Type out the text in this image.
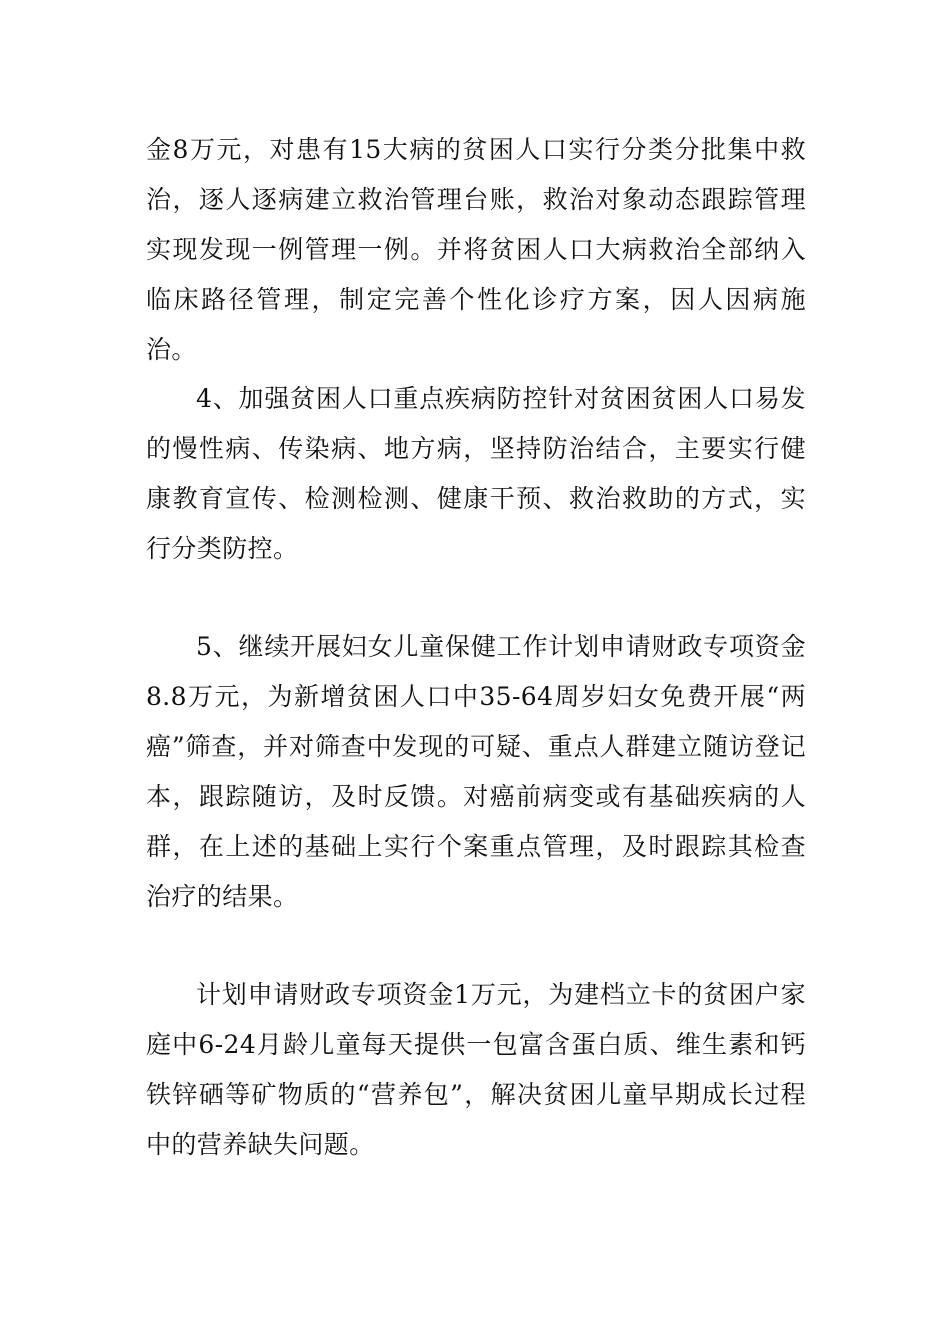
金8万元，对患有15大病的贫困人口实行分类分批集中救治，逐人逐病建立救治管理台账，救治对象动态跟踪管理实现发现一例管理一例。并将贫困人口大病救治全部纳入临床路径管理，制定完善个性化诊疗方案，因人因病施治。

4、加强贫困人口重点疾病防控针对贫困贫困人口易发的慢性病、传染病、地方病，坚持防治结合，主要实行健康教育宣传、检测检测、健康干预、救治救助的方式，实行分类防控。

5、继续开展妇女儿童保健工作计划申请财政专项资金8.8万元，为新增贫困人口中35-64周岁妇女免费开展“两癌”筛查，并对筛查中发现的可疑、重点人群建立随访登记本，跟踪随访，及时反馈。对癌前病变或有基础疾病的人群，在上述的基础上实行个案重点管理，及时跟踪其检查治疗的结果。

计划申请财政专项资金1万元，为建档立卡的贫困户家庭中6-24月龄儿童每天提供一包富含蛋白质、维生素和钙铁锌硒等矿物质的“营养包”，解决贫困儿童早期成长过程中的营养缺失问题。
